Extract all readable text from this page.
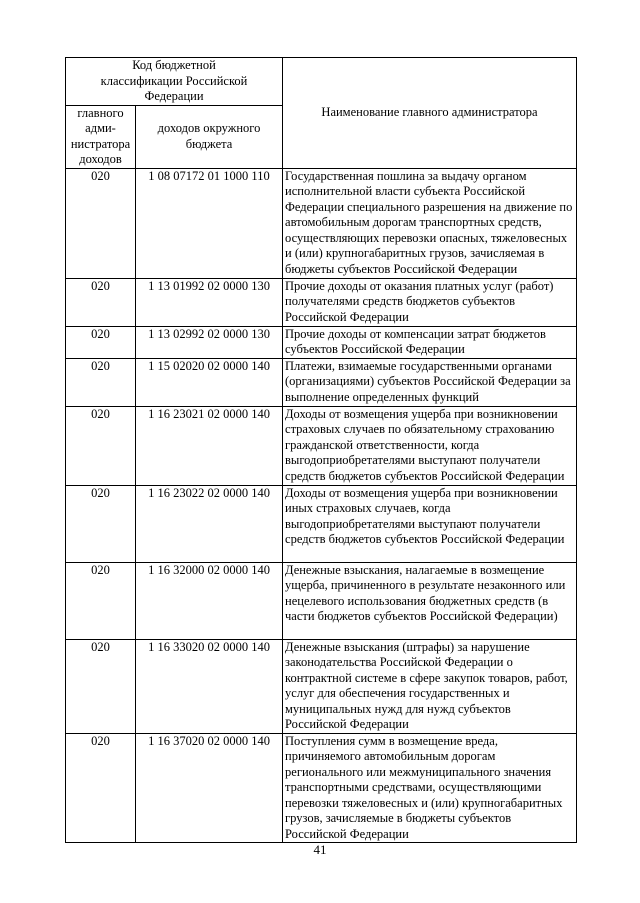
Код бюджетной классификации Российской Федерации		Наименование главного администратора
главного адми-нистратора доходов	доходов окружного бюджета	
020	1 08 07172 01 1000 110	Государственная пошлина за выдачу органом исполнительной власти субъекта Российской Федерации специального разрешения на движение по автомобильным дорогам транспортных средств, осуществляющих перевозки опасных, тяжеловесных и (или) крупногабаритных грузов, зачисляемая в бюджеты субъектов Российской Федерации
020	1 13 01992 02 0000 130	Прочие доходы от оказания платных услуг (работ) получателями средств бюджетов субъектов Российской Федерации
020	1 13 02992 02 0000 130	Прочие доходы от компенсации затрат бюджетов субъектов Российской Федерации
020	1 15 02020 02 0000 140	Платежи, взимаемые государственными органами (организациями) субъектов Российской Федерации за выполнение определенных функций
020	1 16 23021 02 0000 140	Доходы от возмещения ущерба при возникновении страховых случаев по обязательному страхованию гражданской ответственности, когда выгодоприобретателями выступают получатели средств бюджетов субъектов Российской Федерации
020	1 16 23022 02 0000 140	Доходы от возмещения ущерба при возникновении иных страховых случаев, когда выгодоприобретателями выступают получатели средств бюджетов субъектов Российской Федерации
020	1 16 32000 02 0000 140	Денежные взыскания, налагаемые в возмещение ущерба, причиненного в результате незаконного или нецелевого использования бюджетных средств (в части бюджетов субъектов Российской Федерации)
020	1 16 33020 02 0000 140	Денежные взыскания (штрафы) за нарушение законодательства Российской Федерации о контрактной системе в сфере закупок товаров, работ, услуг для обеспечения государственных и муниципальных нужд для нужд субъектов Российской Федерации
020	1 16 37020 02 0000 140	Поступления сумм в возмещение вреда, причиняемого автомобильным дорогам регионального или межмуниципального значения транспортными средствами, осуществляющими перевозки тяжеловесных и (или) крупногабаритных грузов, зачисляемые в бюджеты субъектов Российской Федерации
41
